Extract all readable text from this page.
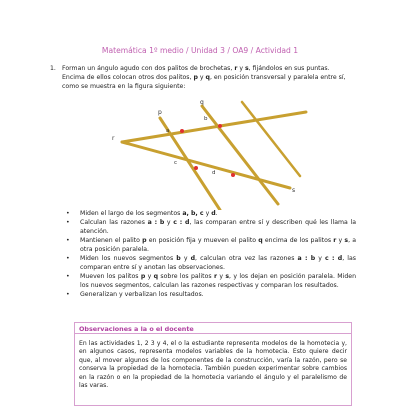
Matemática 1º medio / Unidad 3 / OA9 / Actividad 1
1. Forman un ángulo agudo con dos palitos de brochetas, r y s, fijándolos en sus puntas. Encima de ellos colocan otros dos palitos, p y q, en posición transversal y paralela entre sí, como se muestra en la figura siguiente:
p
q
r
s
a
b
c
d
• Miden el largo de los segmentos a, b, c y d.
• Calculan las razones a : b y c : d, las comparan entre sí y describen qué les llama la atención.
• Mantienen el palito p en posición fija y mueven el palito q encima de los palitos r y s, a otra posición paralela.
• Miden los nuevos segmentos b y d, calculan otra vez las razones a : b y c : d, las comparan entre sí y anotan las observaciones.
• Mueven los palitos p y q sobre los palitos r y s, y los dejan en posición paralela. Miden los nuevos segmentos, calculan las razones respectivas y comparan los resultados.
• Generalizan y verbalizan los resultados.
Observaciones a la o el docente
En las actividades 1, 2 3 y 4, el o la estudiante representa modelos de la homotecia y, en algunos casos, representa modelos variables de la homotecia. Esto quiere decir que, al mover algunos de los componentes de la construcción, varía la razón, pero se conserva la propiedad de la homotecia. También pueden experimentar sobre cambios en la razón o en la propiedad de la homotecia variando el ángulo y el paralelismo de las varas.
